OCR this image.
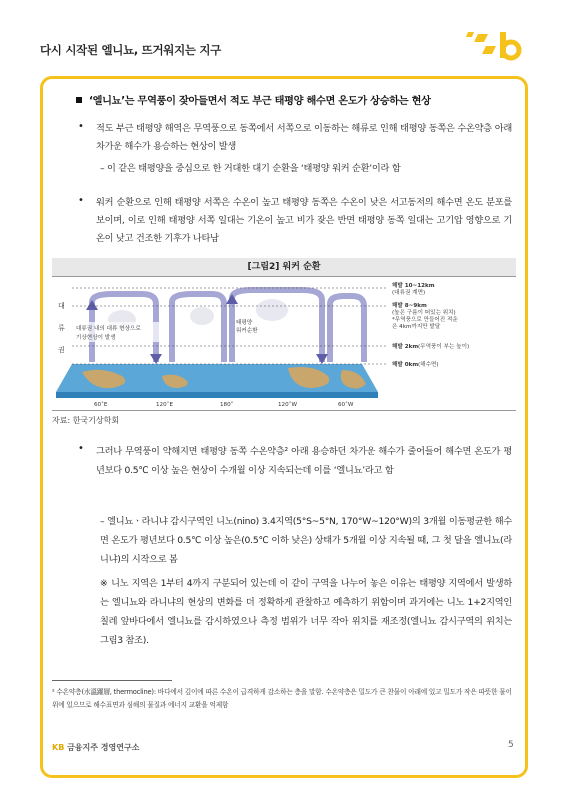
다시 시작된 엘니뇨, 뜨거워지는 지구
‘엘니뇨’는 무역풍이 잦아들면서 적도 부근 태평양 해수면 온도가 상승하는 현상
• 적도 부근 태평양 해역은 무역풍으로 동쪽에서 서쪽으로 이동하는 해류로 인해 태평양 동쪽은 수온약층 아래 차가운 해수가 용승하는 현상이 발생
– 이 같은 태평양을 중심으로 한 거대한 대기 순환을 ‘태평양 워커 순환’이라 함
• 워커 순환으로 인해 태평양 서쪽은 수온이 높고 태평양 동쪽은 수온이 낮은 서고동저의 해수면 온도 분포를 보이며, 이로 인해 태평양 서쪽 일대는 기온이 높고 비가 잦은 반면 태평양 동쪽 일대는 고기압 영향으로 기온이 낮고 건조한 기후가 나타남
[그림2] 워커 순환
대
류
권
대류권 내의 대류 현상으로
기상현상이 발생
태평양
워커순환
해발 10~12km
(대류권 계면)
해발 8~9km
(높은 구름이 떠있는 위치)
*무역풍으로 만들어진 적운
은 4km까지만 발달
해발 2km (무역풍이 부는 높이)
해발 0km (해수면)
60˚E	120˚E	180˚	120˚W	60˚W
자료: 한국기상학회
• 그러나 무역풍이 약해지면 태평양 동쪽 수온약층² 아래 용승하던 차가운 해수가 줄어들어 해수면 온도가 평년보다 0.5℃ 이상 높은 현상이 수개월 이상 지속되는데 이를 ‘엘니뇨’라고 함
– 엘니뇨ㆍ라니냐 감시구역인 니노(nino) 3.4지역(5°S~5°N, 170°W~120°W)의 3개월 이동평균한 해수면 온도가 평년보다 0.5℃ 이상 높은(0.5℃ 이하 낮은) 상태가 5개월 이상 지속될 때, 그 첫 달을 엘니뇨(라니냐)의 시작으로 봄
※ 니노 지역은 1부터 4까지 구분되어 있는데 이 같이 구역을 나누어 놓은 이유는 태평양 지역에서 발생하는 엘니뇨와 라니냐의 현상의 변화를 더 정확하게 관찰하고 예측하기 위함이며 과거에는 니노 1+2지역인 칠레 앞바다에서 엘니뇨를 감시하였으나 측정 범위가 너무 작아 위치를 재조정(엘니뇨 감시구역의 위치는 그림3 참조).
² 수온약층(水溫躍層, thermocline): 바다에서 깊이에 따른 수온이 급격하게 감소하는 층을 말함. 수온약층은 밀도가 큰 찬물이 아래에 있고 밀도가 작은 따뜻한 물이 위에 있으므로 해수표면과 심해의 물질과 에너지 교환을 억제함
KB 금융지주 경영연구소	5
